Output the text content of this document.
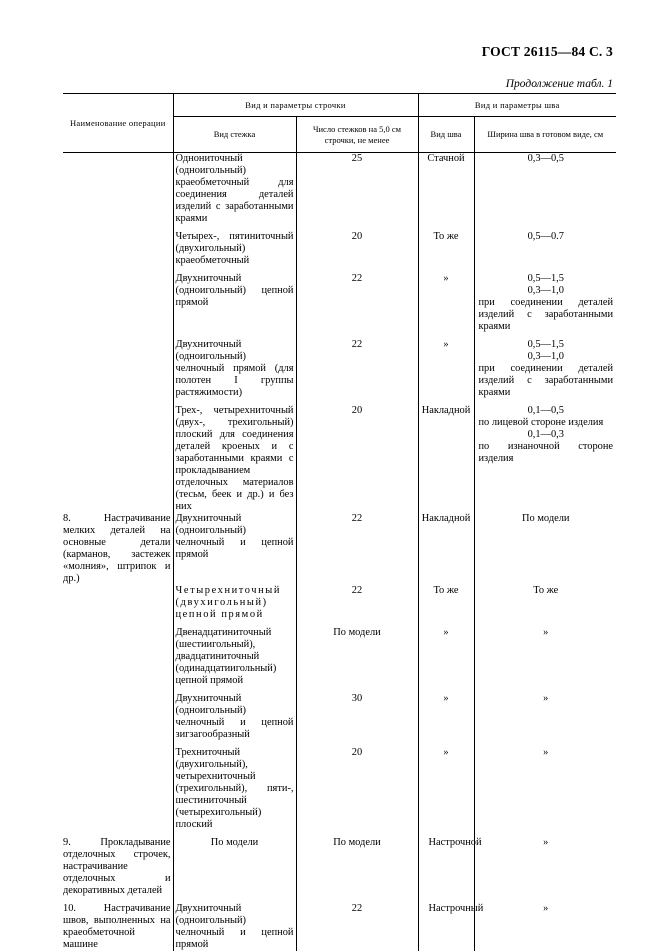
ГОСТ 26115—84 С. 3
Продолжение табл. 1
Наименование операции	Вид и параметры строчки		Вид и параметры шва	
	Вид стежка	Число стежков на 5,0 см строчки, не менее	Вид шва	Ширина шва в готовом виде, см
	Однониточный (одноигольный) краеобметочный для соединения деталей изделий с заработанными краями	25	Стачной	0,3—0,5

	Четырех-, пятиниточный (двухигольный) краеобметочный	20	То же	0,5—0.7

	Двухниточный (одноигольный) цепной прямой	22	»	0,5—1,5
0,3—1,0
при соединении деталей изделий с заработанными краями

	Двухниточный (одноигольный) челночный прямой (для полотен I группы растяжимости)	22	»	0,5—1,5
0,3—1,0
при соединении деталей изделий с заработанными краями

	Трех-, четырехниточный (двух-, трехигольный) плоский для соединения деталей кроеных и с заработанными краями с прокладыванием отделочных материалов (тесьм, беек и др.) и без них	20	Накладной	0,1—0,5
по лицевой стороне изделия
0,1—0,3
по изнаночной стороне изделия

8. Настрачивание мелких деталей на основные детали (карманов, застежек «молния», штрипок и др.)	Двухниточный (одноигольный) челночный и цепной прямой	22	Накладной	По модели

	Четырехниточный (двухигольный) цепной прямой	22	То же	То же

	Двенадцатиниточный (шестиигольный), двадцатиниточный (одинадцатиигольный) цепной прямой	По модели	»	»

	Двухниточный (одноигольный) челночный и цепной зигзагообразный	30	»	»

	Трехниточный (двухигольный), четырехниточный (трехигольный), пяти-, шестиниточный (четырехигольный) плоский	20	»	»

9. Прокладывание отделочных строчек, настрачивание отделочных и декоративных деталей	По модели	По модели	Настрочной	»

10. Настрачивание швов, выполненных на краеобметочной машине	Двухниточный (одноигольный) челночный и цепной прямой	22	Настрочный	»
